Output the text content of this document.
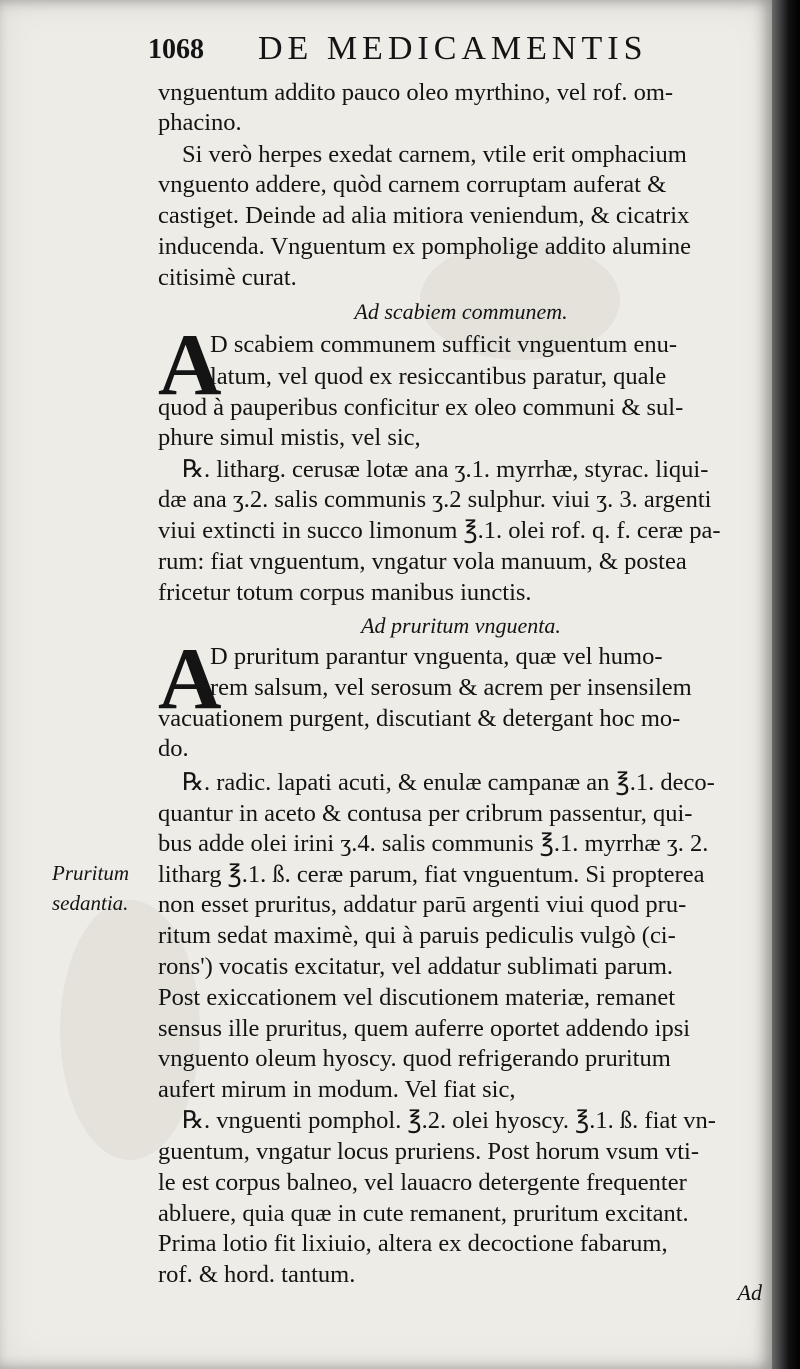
1068 DE MEDICAMENTIS
vnguentum addito pauco oleo myrthino, vel rof. om-
phacino.
Si verò herpes exedat carnem, vtile erit omphacium
vnguento addere, quòd carnem corruptam auferat &
castiget. Deinde ad alia mitiora veniendum, & cicatrix
inducenda. Vnguentum ex pompholige addito alumine
citisimè curat.
Ad scabiem communem.
A
D scabiem communem sufficit vnguentum enu-
latum, vel quod ex resiccantibus paratur, quale
quod à pauperibus conficitur ex oleo communi & sul-
phure simul mistis, vel sic,
℞. litharg. cerusæ lotæ ana ʒ.1. myrrhæ, styrac. liqui-
dæ ana ʒ.2. salis communis ʒ.2 sulphur. viui ʒ. 3. argenti
viui extincti in succo limonum ℥.1. olei rof. q. f. ceræ pa-
rum: fiat vnguentum, vngatur vola manuum, & postea
fricetur totum corpus manibus iunctis.
Ad pruritum vnguenta.
A
D pruritum parantur vnguenta, quæ vel humo-
rem salsum, vel serosum & acrem per insensilem
vacuationem purgent, discutiant & detergant hoc mo-
do.
℞. radic. lapati acuti, & enulæ campanæ an ℥.1. deco-
quantur in aceto & contusa per cribrum passentur, qui-
bus adde olei irini ʒ.4. salis communis ℥.1. myrrhæ ʒ. 2.
litharg ℥.1. ß. ceræ parum, fiat vnguentum. Si propterea
non esset pruritus, addatur parū argenti viui quod pru-
ritum sedat maximè, qui à paruis pediculis vulgò (ci-
rons') vocatis excitatur, vel addatur sublimati parum.
Post exiccationem vel discutionem materiæ, remanet
sensus ille pruritus, quem auferre oportet addendo ipsi
vnguento oleum hyoscy. quod refrigerando pruritum
aufert mirum in modum. Vel fiat sic,
℞. vnguenti pomphol. ℥.2. olei hyoscy. ℥.1. ß. fiat vn-
guentum, vngatur locus pruriens. Post horum vsum vti-
le est corpus balneo, vel lauacro detergente frequenter
abluere, quia quæ in cute remanent, pruritum excitant.
Prima lotio fit lixiuio, altera ex decoctione fabarum,
rof. & hord. tantum.
Pruritum
sedantia.
Ad
